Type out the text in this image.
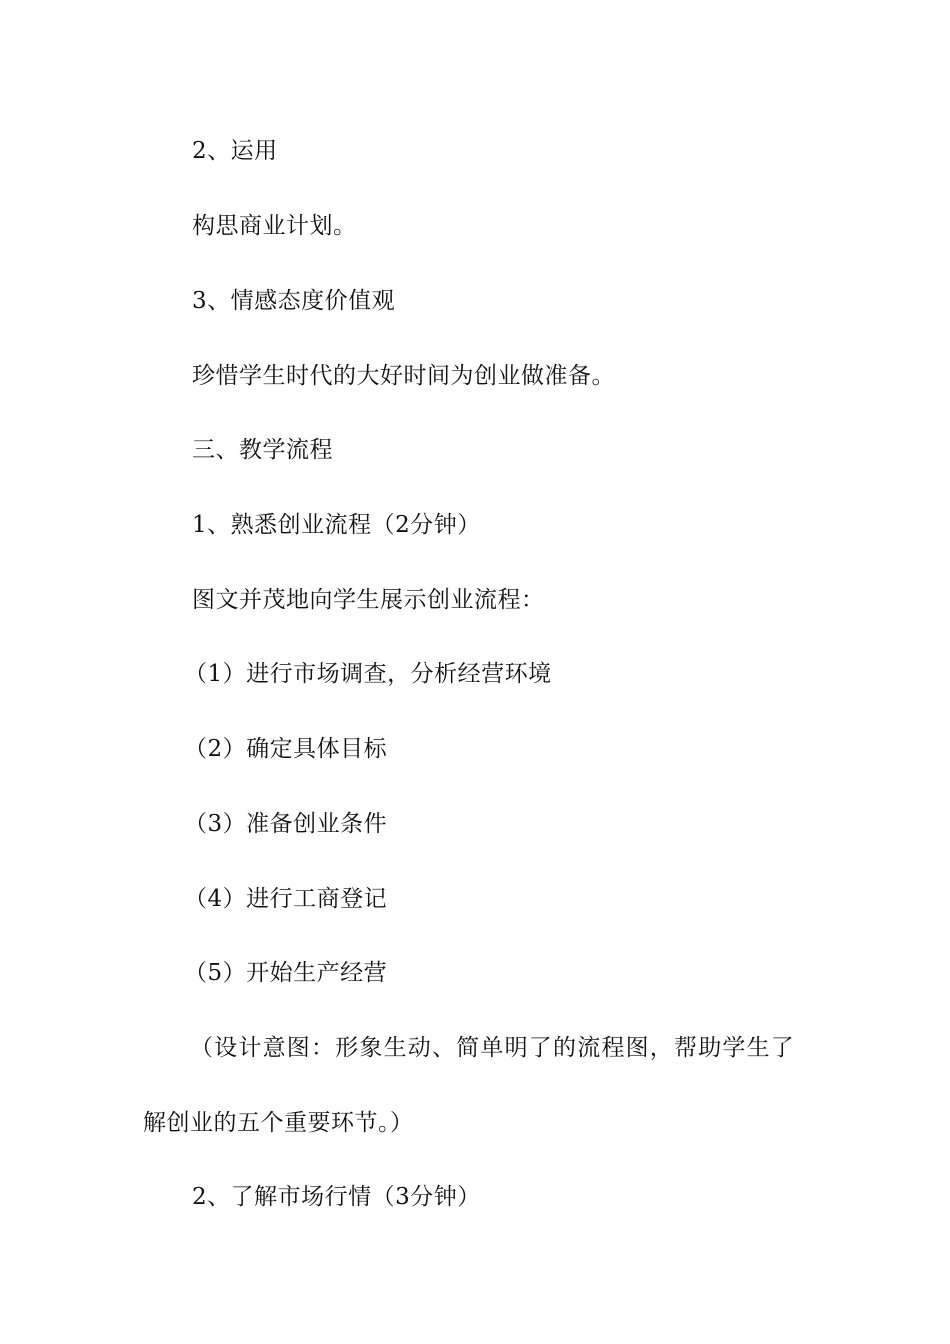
2、运用

构思商业计划。

3、情感态度价值观

珍惜学生时代的大好时间为创业做准备。

三、教学流程

1、熟悉创业流程（2分钟）

图文并茂地向学生展示创业流程：

（1）进行市场调查，分析经营环境

（2）确定具体目标

（3）准备创业条件

（4）进行工商登记

（5）开始生产经营

（设计意图：形象生动、简单明了的流程图，帮助学生了

解创业的五个重要环节。）

2、了解市场行情（3分钟）
